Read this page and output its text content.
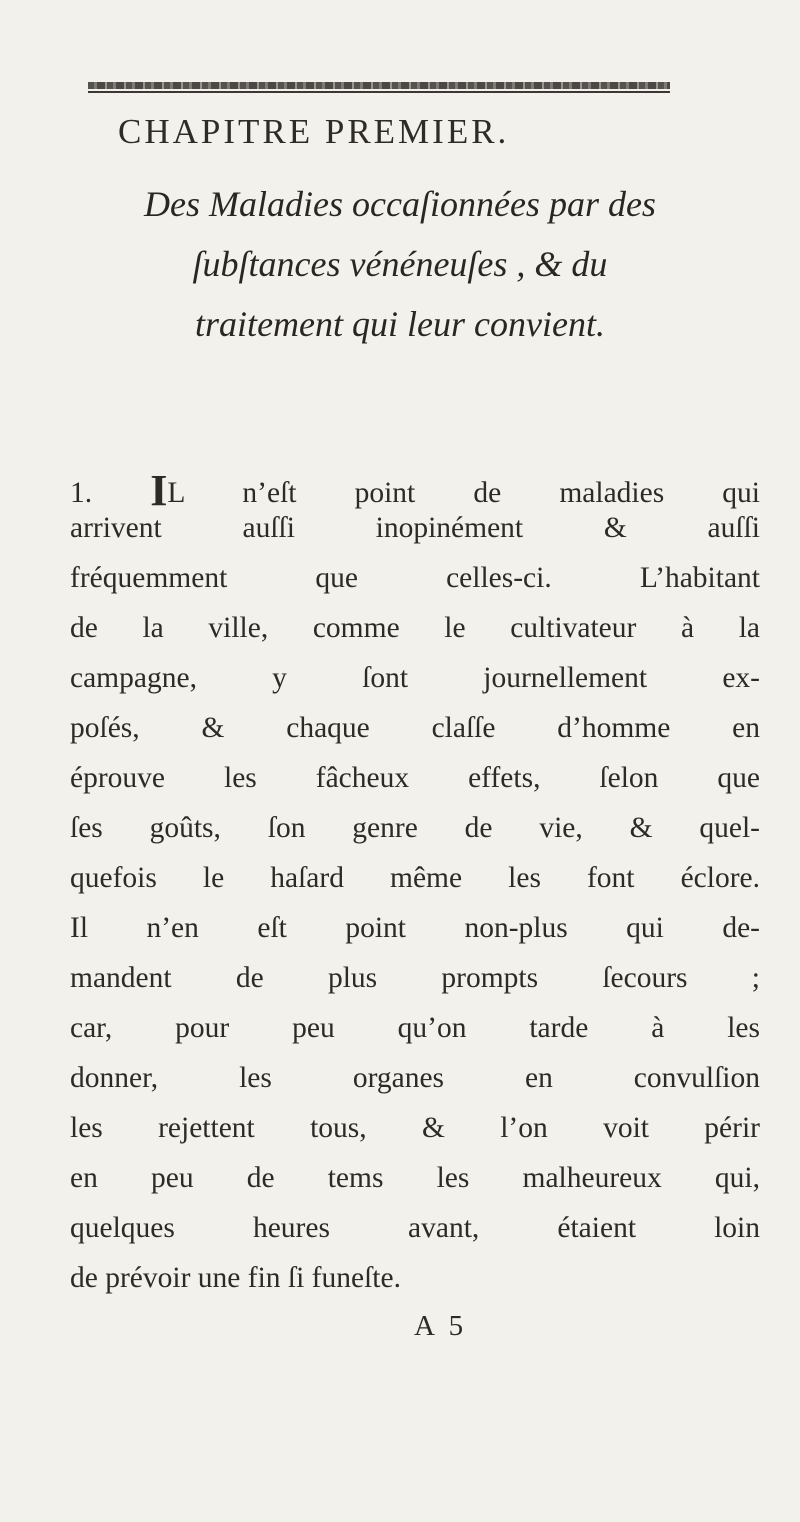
CHAPITRE PREMIER.
Des Maladies occaſionnées par des
ſubſtances vénéneuſes , & du
traitement qui leur convient.
1. IL n’eſt point de maladies qui
arrivent auſſi inopinément & auſſi
fréquemment que celles-ci. L’habitant
de la ville, comme le cultivateur à la
campagne, y ſont journellement ex-
poſés, & chaque claſſe d’homme en
éprouve les fâcheux effets, ſelon que
ſes goûts, ſon genre de vie, & quel-
quefois le haſard même les font éclore.
Il n’en eſt point non-plus qui de-
mandent de plus prompts ſecours ;
car, pour peu qu’on tarde à les
donner, les organes en convulſion
les rejettent tous, & l’on voit périr
en peu de tems les malheureux qui,
quelques heures avant, étaient loin
de prévoir une fin ſi funeſte.
A 5
